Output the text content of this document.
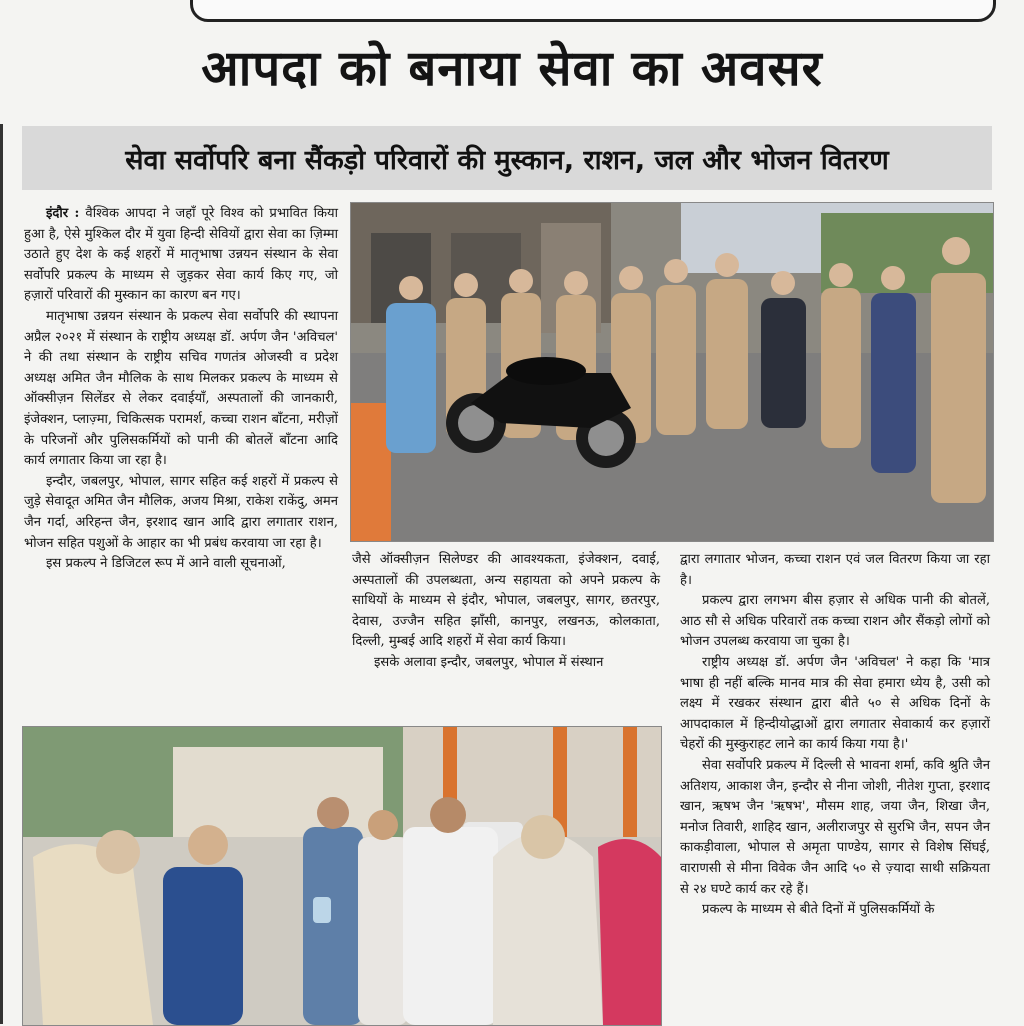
आपदा को बनाया सेवा का अवसर
सेवा सर्वोपरि बना सैंकड़ो परिवारों की मुस्कान, राशन, जल और भोजन वितरण

इंदौर : वैश्विक आपदा ने जहाँ पूरे विश्व को प्रभावित किया हुआ है, ऐसे मुश्किल दौर में युवा हिन्दी सेवियों द्वारा सेवा का ज़िम्मा उठाते हुए देश के कई शहरों में मातृभाषा उन्नयन संस्थान के सेवा सर्वोपरि प्रकल्प के माध्यम से जुड़कर सेवा कार्य किए गए, जो हज़ारों परिवारों की मुस्कान का कारण बन गए।

मातृभाषा उन्नयन संस्थान के प्रकल्प सेवा सर्वोपरि की स्थापना अप्रैल २०२१ में संस्थान के राष्ट्रीय अध्यक्ष डॉ. अर्पण जैन 'अविचल' ने की तथा संस्थान के राष्ट्रीय सचिव गणतंत्र ओजस्वी व प्रदेश अध्यक्ष अमित जैन मौलिक के साथ मिलकर प्रकल्प के माध्यम से ऑक्सीज़न सिलेंडर से लेकर दवाईयाँ, अस्पतालों की जानकारी, इंजेक्शन, प्लाज़्मा, चिकित्सक परामर्श, कच्चा राशन बाँटना, मरीज़ों के परिजनों और पुलिसकर्मियों को पानी की बोतलें बाँटना आदि कार्य लगातार किया जा रहा है।

इन्दौर, जबलपुर, भोपाल, सागर सहित कई शहरों में प्रकल्प से जुड़े सेवादूत अमित जैन मौलिक, अजय मिश्रा, राकेश राकेंदु, अमन जैन गर्दा, अरिहन्त जैन, इरशाद खान आदि द्वारा लगातार राशन, भोजन सहित पशुओं के आहार का भी प्रबंध करवाया जा रहा है।

इस प्रकल्प ने डिजिटल रूप में आने वाली सूचनाओं,	जैसे ऑक्सीज़न सिलेण्डर की आवश्यकता, इंजेक्शन, दवाई, अस्पतालों की उपलब्धता, अन्य सहायता को अपने प्रकल्प के साथियों के माध्यम से इंदौर, भोपाल, जबलपुर, सागर, छतरपुर, देवास, उज्जैन सहित झाँसी, कानपुर, लखनऊ, कोलकाता, दिल्ली, मुम्बई आदि शहरों में सेवा कार्य किया।

इसके अलावा इन्दौर, जबलपुर, भोपाल में संस्थान

द्वारा लगातार भोजन, कच्चा राशन एवं जल वितरण किया जा रहा है।

प्रकल्प द्वारा लगभग बीस हज़ार से अधिक पानी की बोतलें, आठ सौ से अधिक परिवारों तक कच्चा राशन और सैंकड़ो लोगों को भोजन उपलब्ध करवाया जा चुका है।

राष्ट्रीय अध्यक्ष डॉ. अर्पण जैन 'अविचल' ने कहा कि 'मात्र भाषा ही नहीं बल्कि मानव मात्र की सेवा हमारा ध्येय है, उसी को लक्ष्य में रखकर संस्थान द्वारा बीते ५० से अधिक दिनों के आपदाकाल में हिन्दीयोद्धाओं द्वारा लगातार सेवाकार्य कर हज़ारों चेहरों की मुस्कुराहट लाने का कार्य किया गया है।'

सेवा सर्वोपरि प्रकल्प में दिल्ली से भावना शर्मा, कवि श्रुति जैन अतिशय, आकाश जैन, इन्दौर से नीना जोशी, नीतेश गुप्ता, इरशाद खान, ऋषभ जैन 'ऋषभ', मौसम शाह, जया जैन, शिखा जैन, मनोज तिवारी, शाहिद खान, अलीराजपुर से सुरभि जैन, सपन जैन काकड़ीवाला, भोपाल से अमृता पाण्डेय, सागर से विशेष सिंघई, वाराणसी से मीना विवेक जैन आदि ५० से ज़्यादा साथी सक्रियता से २४ घण्टे कार्य कर रहे हैं।

प्रकल्प के माध्यम से बीते दिनों में पुलिसकर्मियों के
